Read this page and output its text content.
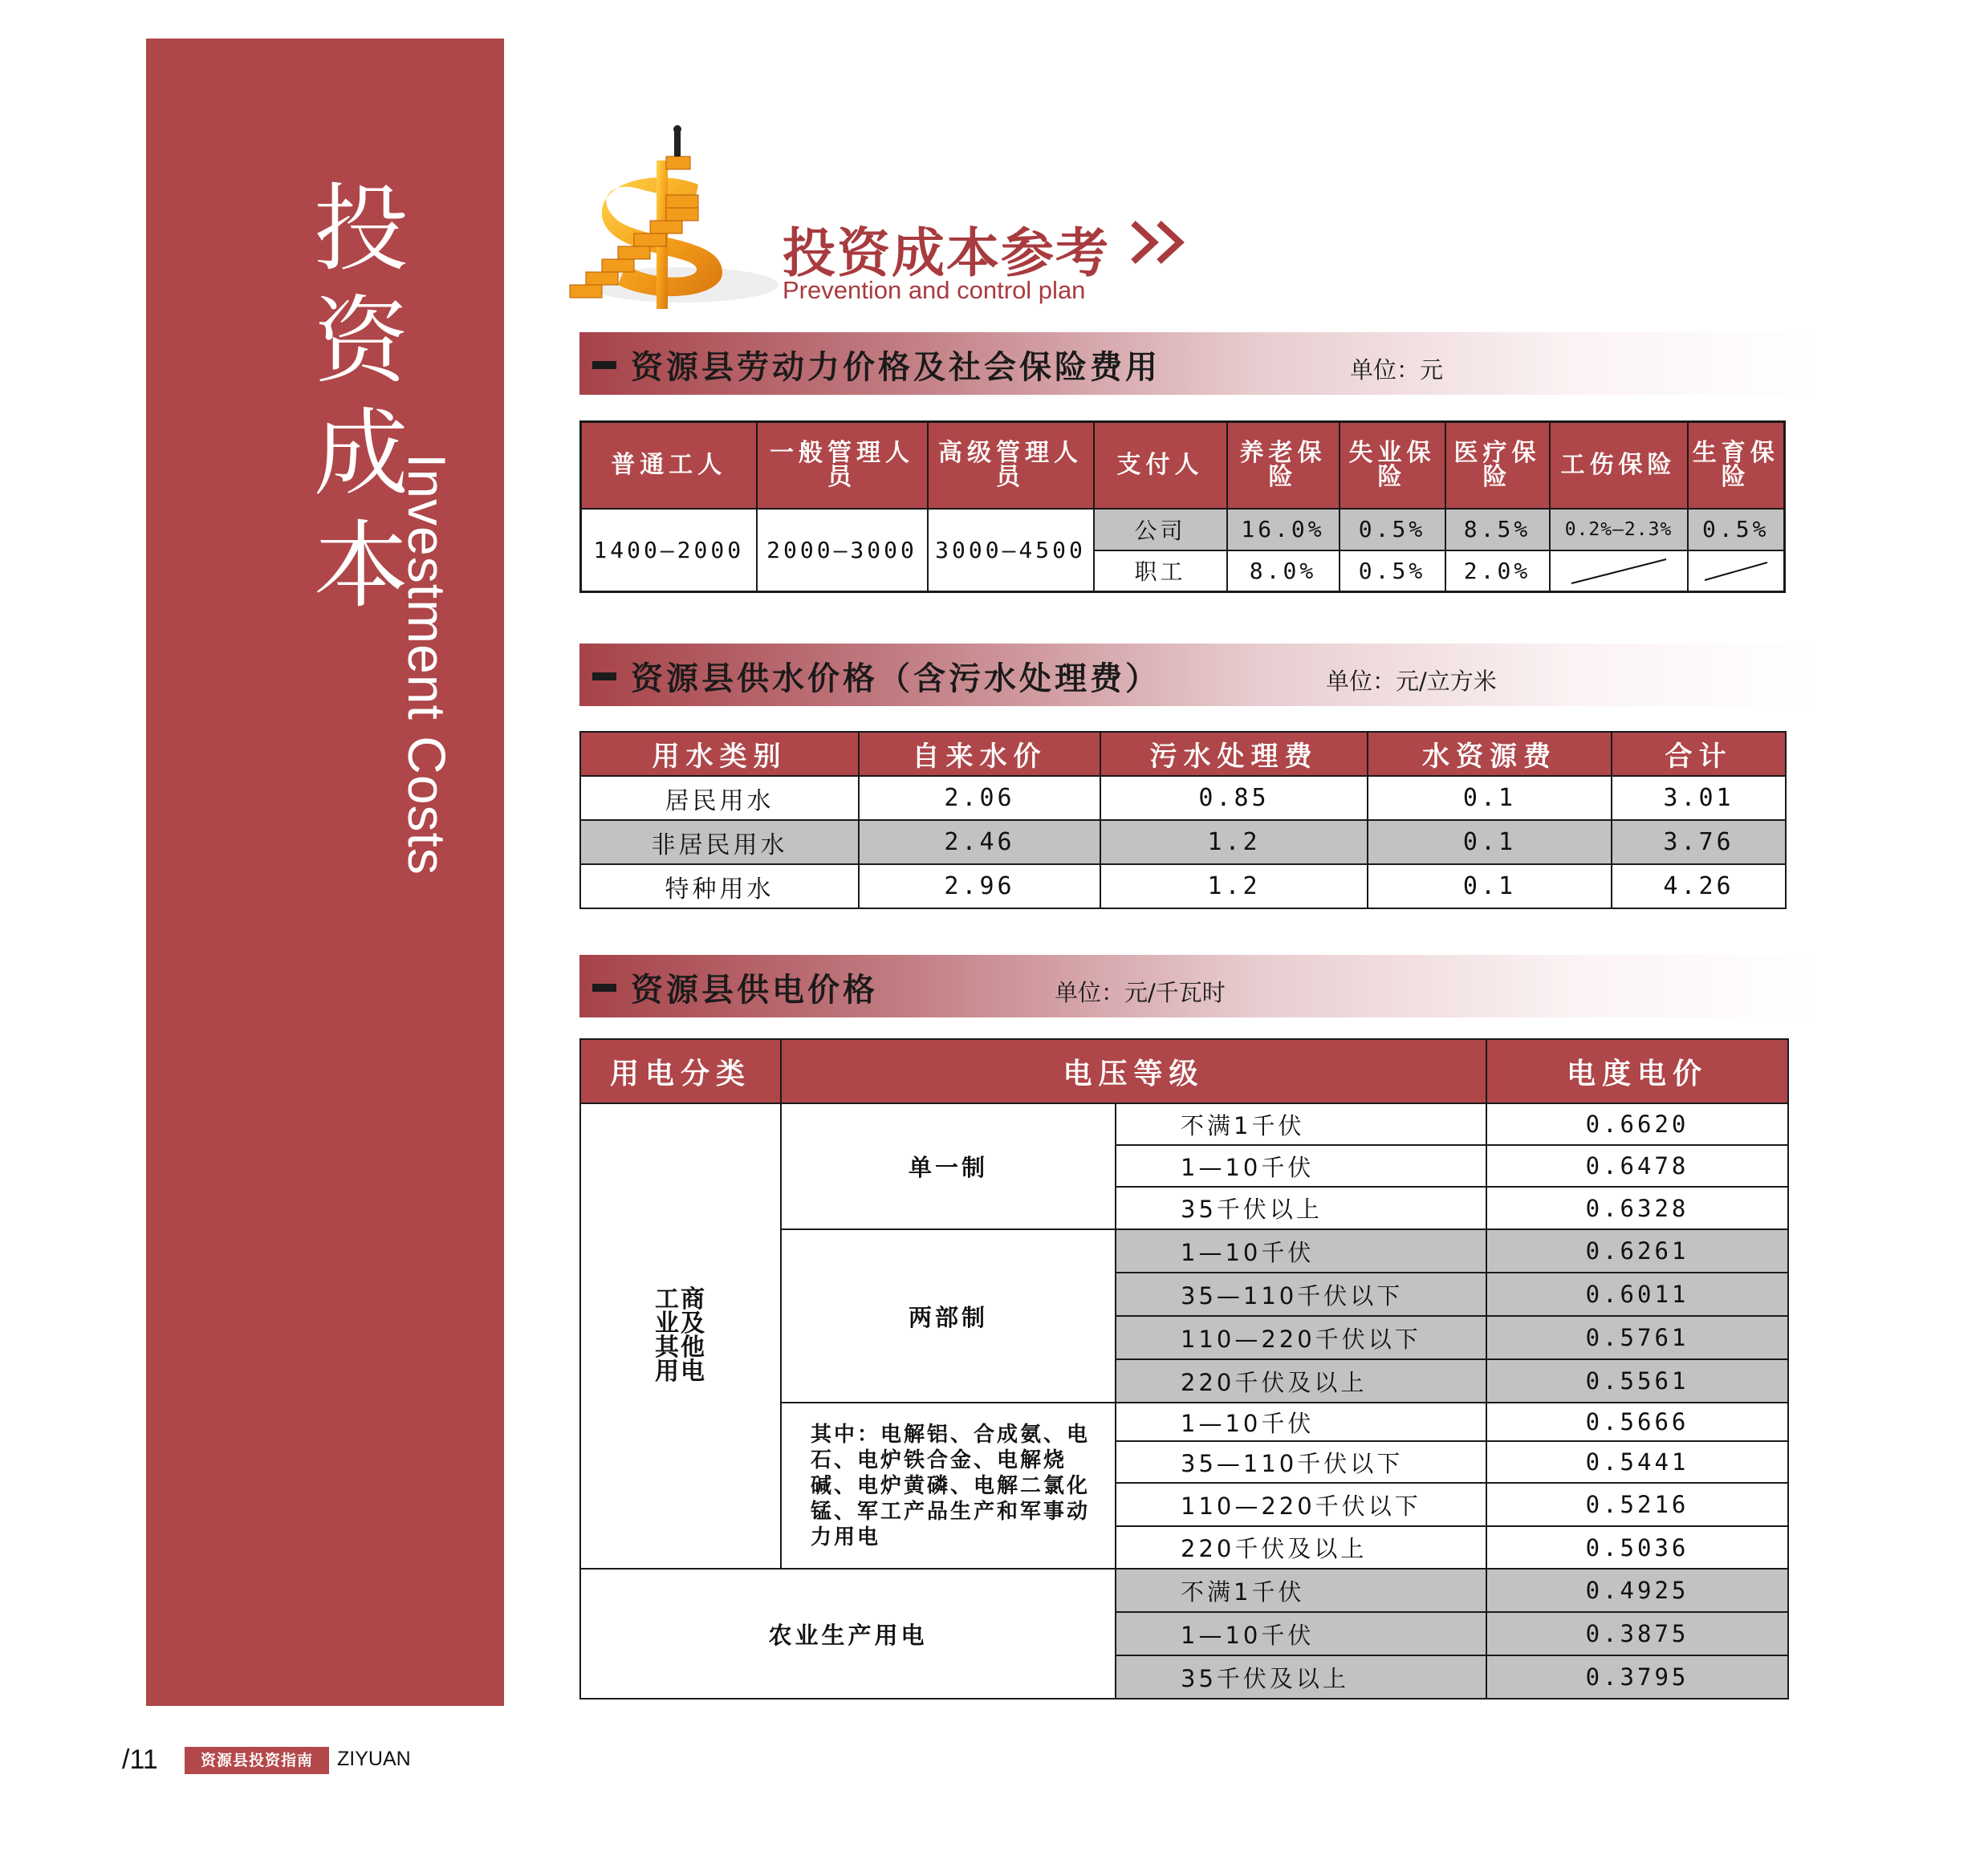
投
资
成
本
Investment Costs
投资成本参考
Prevention and control plan
资源县劳动力价格及社会保险费用	单位：元
普通工人	一般管理人员	高级管理人员	支付人	养老保险	失业保险	医疗保险	工伤保险	生育保险
1400—2000	2000—3000	3000—4500	公司	16.0%	0.5%	8.5%	0.2%—2.3%	0.5%
			职工	8.0%	0.5%	2.0%	

资源县供水价格（含污水处理费）	单位：元/立方米
用水类别	自来水价	污水处理费	水资源费	合计
居民用水	2.06	0.85	0.1	3.01
非居民用水	2.46	1.2	0.1	3.76
特种用水	2.96	1.2	0.1	4.26
资源县供电价格	单位：元/千瓦时
用电分类	电压等级		电度电价
工商业及其他用电	单一制	不满1千伏	0.6620
		1—10千伏	0.6478
		35千伏以上	0.6328
	两部制	1—10千伏	0.6261
		35—110千伏以下	0.6011
		110—220千伏以下	0.5761
		220千伏及以上	0.5561
	其中：电解铝、合成氨、电石、电炉铁合金、电解烧碱、电炉黄磷、电解二氯化锰、军工产品生产和军事动力用电	1—10千伏	0.5666
		35—110千伏以下	0.5441
		110—220千伏以下	0.5216
		220千伏及以上	0.5036
农业生产用电		不满1千伏	0.4925
		1—10千伏	0.3875
		35千伏及以上	0.3795
/11	资源县投资指南	ZIYUAN
